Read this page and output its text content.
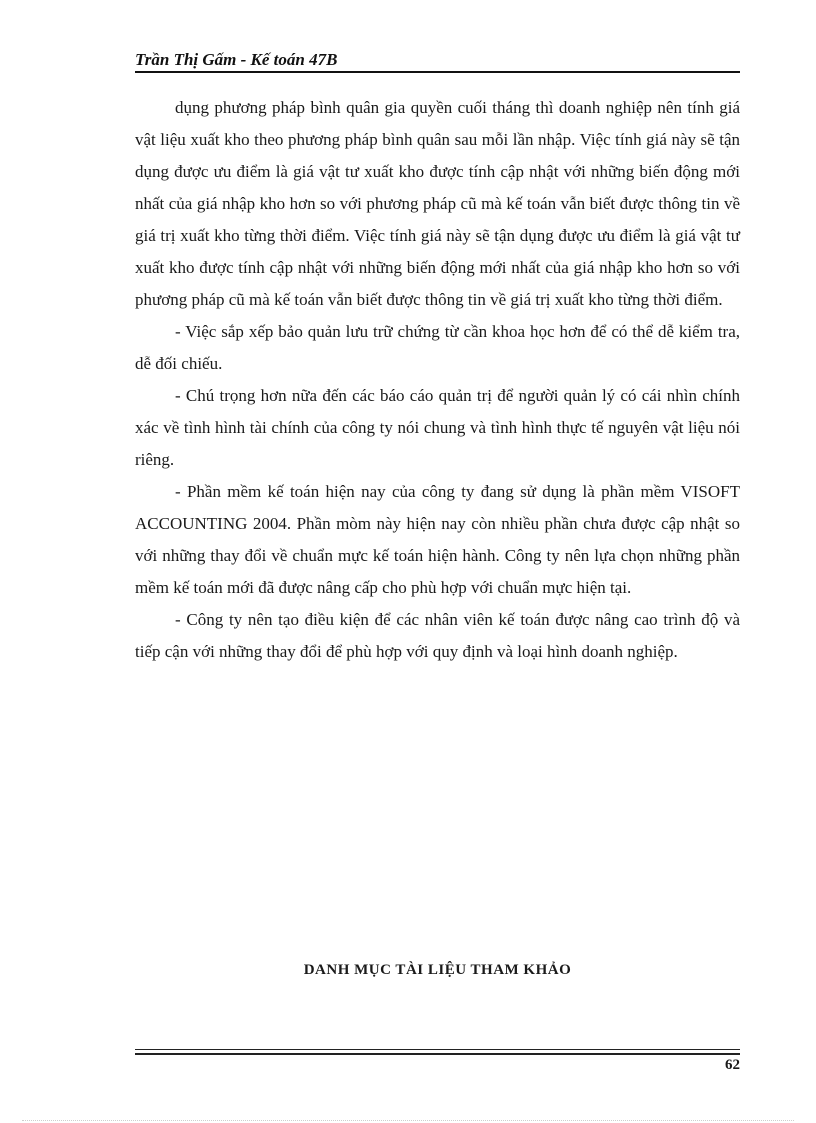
Trần Thị Gấm - Kế toán 47B

dụng phương pháp bình quân gia quyền cuối tháng thì doanh nghiệp nên tính giá vật liệu xuất kho theo phương pháp bình quân sau mỗi lần nhập. Việc tính giá này sẽ tận dụng được ưu điểm là giá vật tư xuất kho được tính cập nhật với những biến động mới nhất của giá nhập kho hơn so với phương pháp cũ mà kế toán vẫn biết được thông tin về giá trị xuất kho từng thời điểm. Việc tính giá này sẽ tận dụng được ưu điểm là giá vật tư xuất kho được tính cập nhật với những biến động mới nhất của giá nhập kho hơn so với phương pháp cũ mà kế toán vẫn biết được thông tin về giá trị xuất kho từng thời điểm.

- Việc sắp xếp bảo quản lưu trữ chứng từ cần khoa học hơn để có thể dễ kiểm tra, dễ đối chiếu.

- Chú trọng hơn nữa đến các báo cáo quản trị để người quản lý có cái nhìn chính xác về tình hình tài chính của công ty nói chung và tình hình thực tế nguyên vật liệu nói riêng.

- Phần mềm kế toán hiện nay của công ty đang sử dụng là phần mềm VISOFT ACCOUNTING 2004. Phần mòm này hiện nay còn nhiều phần chưa được cập nhật so với những thay đổi về chuẩn mực kế toán hiện hành. Công ty nên lựa chọn những phần mềm kế toán mới đã được nâng cấp cho phù hợp với chuẩn mực hiện tại.

- Công ty nên tạo điều kiện để các nhân viên kế toán được nâng cao trình độ và tiếp cận với những thay đổi để phù hợp với quy định và loại hình doanh nghiệp.

DANH MỤC TÀI LIỆU THAM KHẢO
62
